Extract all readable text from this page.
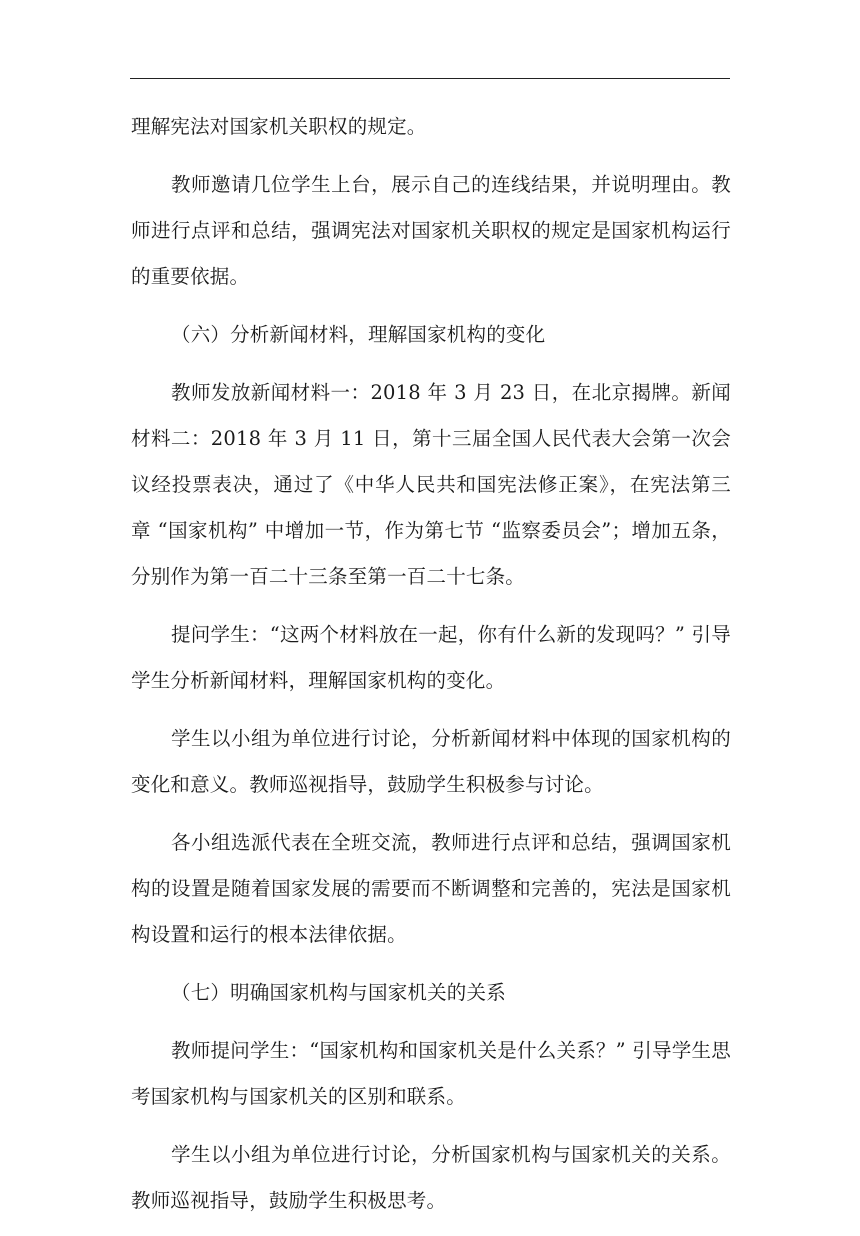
理解宪法对国家机关职权的规定。

教师邀请几位学生上台，展示自己的连线结果，并说明理由。教师进行点评和总结，强调宪法对国家机关职权的规定是国家机构运行的重要依据。

（六）分析新闻材料，理解国家机构的变化

教师发放新闻材料一：2018 年 3 月 23 日，在北京揭牌。新闻材料二：2018 年 3 月 11 日，第十三届全国人民代表大会第一次会议经投票表决，通过了《中华人民共和国宪法修正案》，在宪法第三章 “国家机构” 中增加一节，作为第七节 “监察委员会”；增加五条，分别作为第一百二十三条至第一百二十七条。

提问学生：“这两个材料放在一起，你有什么新的发现吗？” 引导学生分析新闻材料，理解国家机构的变化。

学生以小组为单位进行讨论，分析新闻材料中体现的国家机构的变化和意义。教师巡视指导，鼓励学生积极参与讨论。

各小组选派代表在全班交流，教师进行点评和总结，强调国家机构的设置是随着国家发展的需要而不断调整和完善的，宪法是国家机构设置和运行的根本法律依据。

（七）明确国家机构与国家机关的关系

教师提问学生：“国家机构和国家机关是什么关系？” 引导学生思考国家机构与国家机关的区别和联系。

学生以小组为单位进行讨论，分析国家机构与国家机关的关系。教师巡视指导，鼓励学生积极思考。
